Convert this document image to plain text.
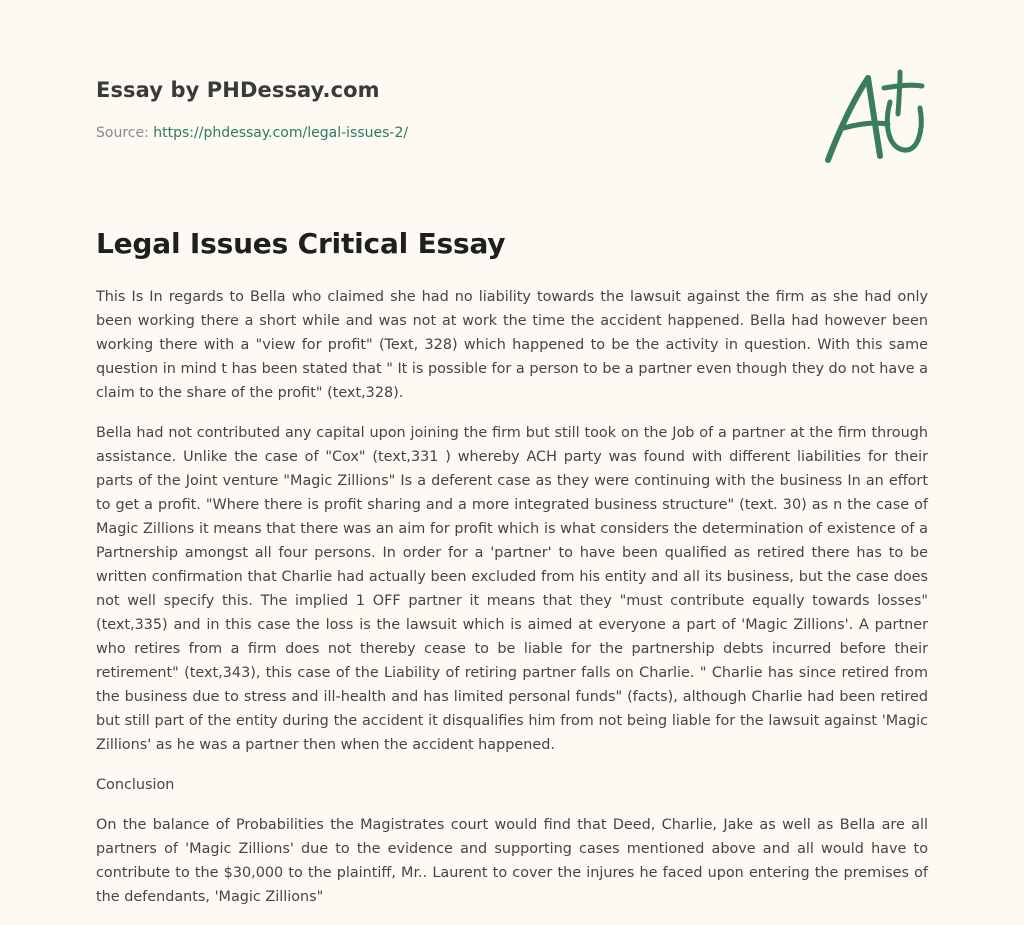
Essay by PHDessay.com

Source: https://phdessay.com/legal-issues-2/
Legal Issues Critical Essay

This Is In regards to Bella who claimed she had no liability towards the lawsuit against the firm as she had only been working there a short while and was not at work the time the accident happened. Bella had however been working there with a "view for profit" (Text, 328) which happened to be the activity in question. With this same question in mind t has been stated that " It is possible for a person to be a partner even though they do not have a claim to the share of the profit" (text,328).

Bella had not contributed any capital upon joining the firm but still took on the Job of a partner at the firm through assistance. Unlike the case of "Cox" (text,331 ) whereby ACH party was found with different liabilities for their parts of the Joint venture "Magic Zillions" Is a deferent case as they were continuing with the business In an effort to get a profit. "Where there is profit sharing and a more integrated business structure" (text. 30) as n the case of Magic Zillions it means that there was an aim for profit which is what considers the determination of existence of a Partnership amongst all four persons. In order for a 'partner' to have been qualified as retired there has to be written confirmation that Charlie had actually been excluded from his entity and all its business, but the case does not well specify this. The implied 1 OFF partner it means that they "must contribute equally towards losses" (text,335) and in this case the loss is the lawsuit which is aimed at everyone a part of 'Magic Zillions'. A partner who retires from a firm does not thereby cease to be liable for the partnership debts incurred before their retirement" (text,343), this case of the Liability of retiring partner falls on Charlie. " Charlie has since retired from the business due to stress and ill-health and has limited personal funds" (facts), although Charlie had been retired but still part of the entity during the accident it disqualifies him from not being liable for the lawsuit against 'Magic Zillions' as he was a partner then when the accident happened.

Conclusion

On the balance of Probabilities the Magistrates court would find that Deed, Charlie, Jake as well as Bella are all partners of 'Magic Zillions' due to the evidence and supporting cases mentioned above and all would have to contribute to the $30,000 to the plaintiff, Mr.. Laurent to cover the injures he faced upon entering the premises of the defendants, 'Magic Zillions"
